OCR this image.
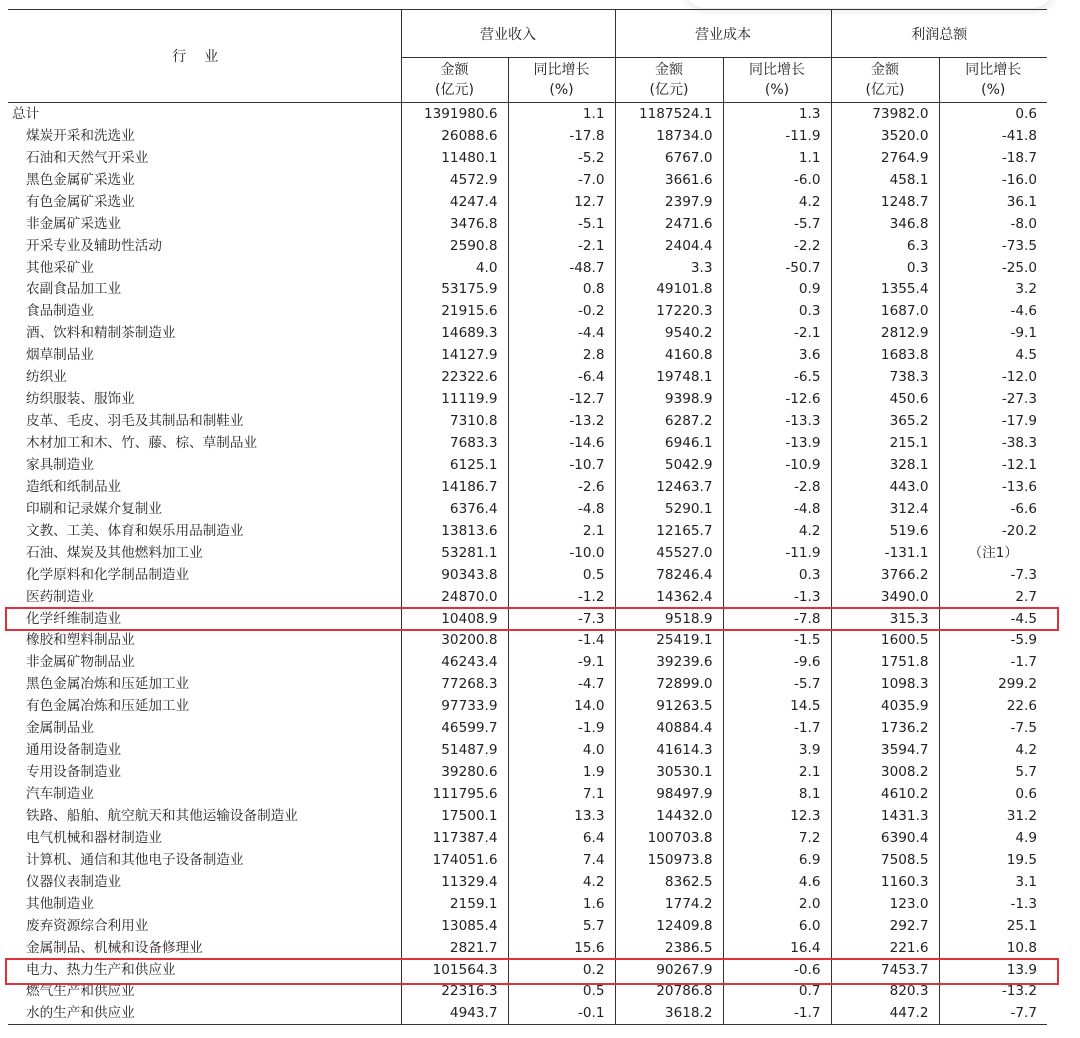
行业	营业收入		营业成本		利润总额	
	金额	同比增长	金额	同比增长	金额	同比增长
	(亿元)	(%)	(亿元)	(%)	(亿元)	(%)
总计	1391980.6	1.1	1187524.1	1.3	73982.0	0.6
煤炭开采和洗选业	26088.6	-17.8	18734.0	-11.9	3520.0	-41.8
石油和天然气开采业	11480.1	-5.2	6767.0	1.1	2764.9	-18.7
黑色金属矿采选业	4572.9	-7.0	3661.6	-6.0	458.1	-16.0
有色金属矿采选业	4247.4	12.7	2397.9	4.2	1248.7	36.1
非金属矿采选业	3476.8	-5.1	2471.6	-5.7	346.8	-8.0
开采专业及辅助性活动	2590.8	-2.1	2404.4	-2.2	6.3	-73.5
其他采矿业	4.0	-48.7	3.3	-50.7	0.3	-25.0
农副食品加工业	53175.9	0.8	49101.8	0.9	1355.4	3.2
食品制造业	21915.6	-0.2	17220.3	0.3	1687.0	-4.6
酒、饮料和精制茶制造业	14689.3	-4.4	9540.2	-2.1	2812.9	-9.1
烟草制品业	14127.9	2.8	4160.8	3.6	1683.8	4.5
纺织业	22322.6	-6.4	19748.1	-6.5	738.3	-12.0
纺织服装、服饰业	11119.9	-12.7	9398.9	-12.6	450.6	-27.3
皮革、毛皮、羽毛及其制品和制鞋业	7310.8	-13.2	6287.2	-13.3	365.2	-17.9
木材加工和木、竹、藤、棕、草制品业	7683.3	-14.6	6946.1	-13.9	215.1	-38.3
家具制造业	6125.1	-10.7	5042.9	-10.9	328.1	-12.1
造纸和纸制品业	14186.7	-2.6	12463.7	-2.8	443.0	-13.6
印刷和记录媒介复制业	6376.4	-4.8	5290.1	-4.8	312.4	-6.6
文教、工美、体育和娱乐用品制造业	13813.6	2.1	12165.7	4.2	519.6	-20.2
石油、煤炭及其他燃料加工业	53281.1	-10.0	45527.0	-11.9	-131.1	（注1）
化学原料和化学制品制造业	90343.8	0.5	78246.4	0.3	3766.2	-7.3
医药制造业	24870.0	-1.2	14362.4	-1.3	3490.0	2.7
化学纤维制造业	10408.9	-7.3	9518.9	-7.8	315.3	-4.5
橡胶和塑料制品业	30200.8	-1.4	25419.1	-1.5	1600.5	-5.9
非金属矿物制品业	46243.4	-9.1	39239.6	-9.6	1751.8	-1.7
黑色金属冶炼和压延加工业	77268.3	-4.7	72899.0	-5.7	1098.3	299.2
有色金属冶炼和压延加工业	97733.9	14.0	91263.5	14.5	4035.9	22.6
金属制品业	46599.7	-1.9	40884.4	-1.7	1736.2	-7.5
通用设备制造业	51487.9	4.0	41614.3	3.9	3594.7	4.2
专用设备制造业	39280.6	1.9	30530.1	2.1	3008.2	5.7
汽车制造业	111795.6	7.1	98497.9	8.1	4610.2	0.6
铁路、船舶、航空航天和其他运输设备制造业	17500.1	13.3	14432.0	12.3	1431.3	31.2
电气机械和器材制造业	117387.4	6.4	100703.8	7.2	6390.4	4.9
计算机、通信和其他电子设备制造业	174051.6	7.4	150973.8	6.9	7508.5	19.5
仪器仪表制造业	11329.4	4.2	8362.5	4.6	1160.3	3.1
其他制造业	2159.1	1.6	1774.2	2.0	123.0	-1.3
废弃资源综合利用业	13085.4	5.7	12409.8	6.0	292.7	25.1
金属制品、机械和设备修理业	2821.7	15.6	2386.5	16.4	221.6	10.8
电力、热力生产和供应业	101564.3	0.2	90267.9	-0.6	7453.7	13.9
燃气生产和供应业	22316.3	0.5	20786.8	0.7	820.3	-13.2
水的生产和供应业	4943.7	-0.1	3618.2	-1.7	447.2	-7.7
